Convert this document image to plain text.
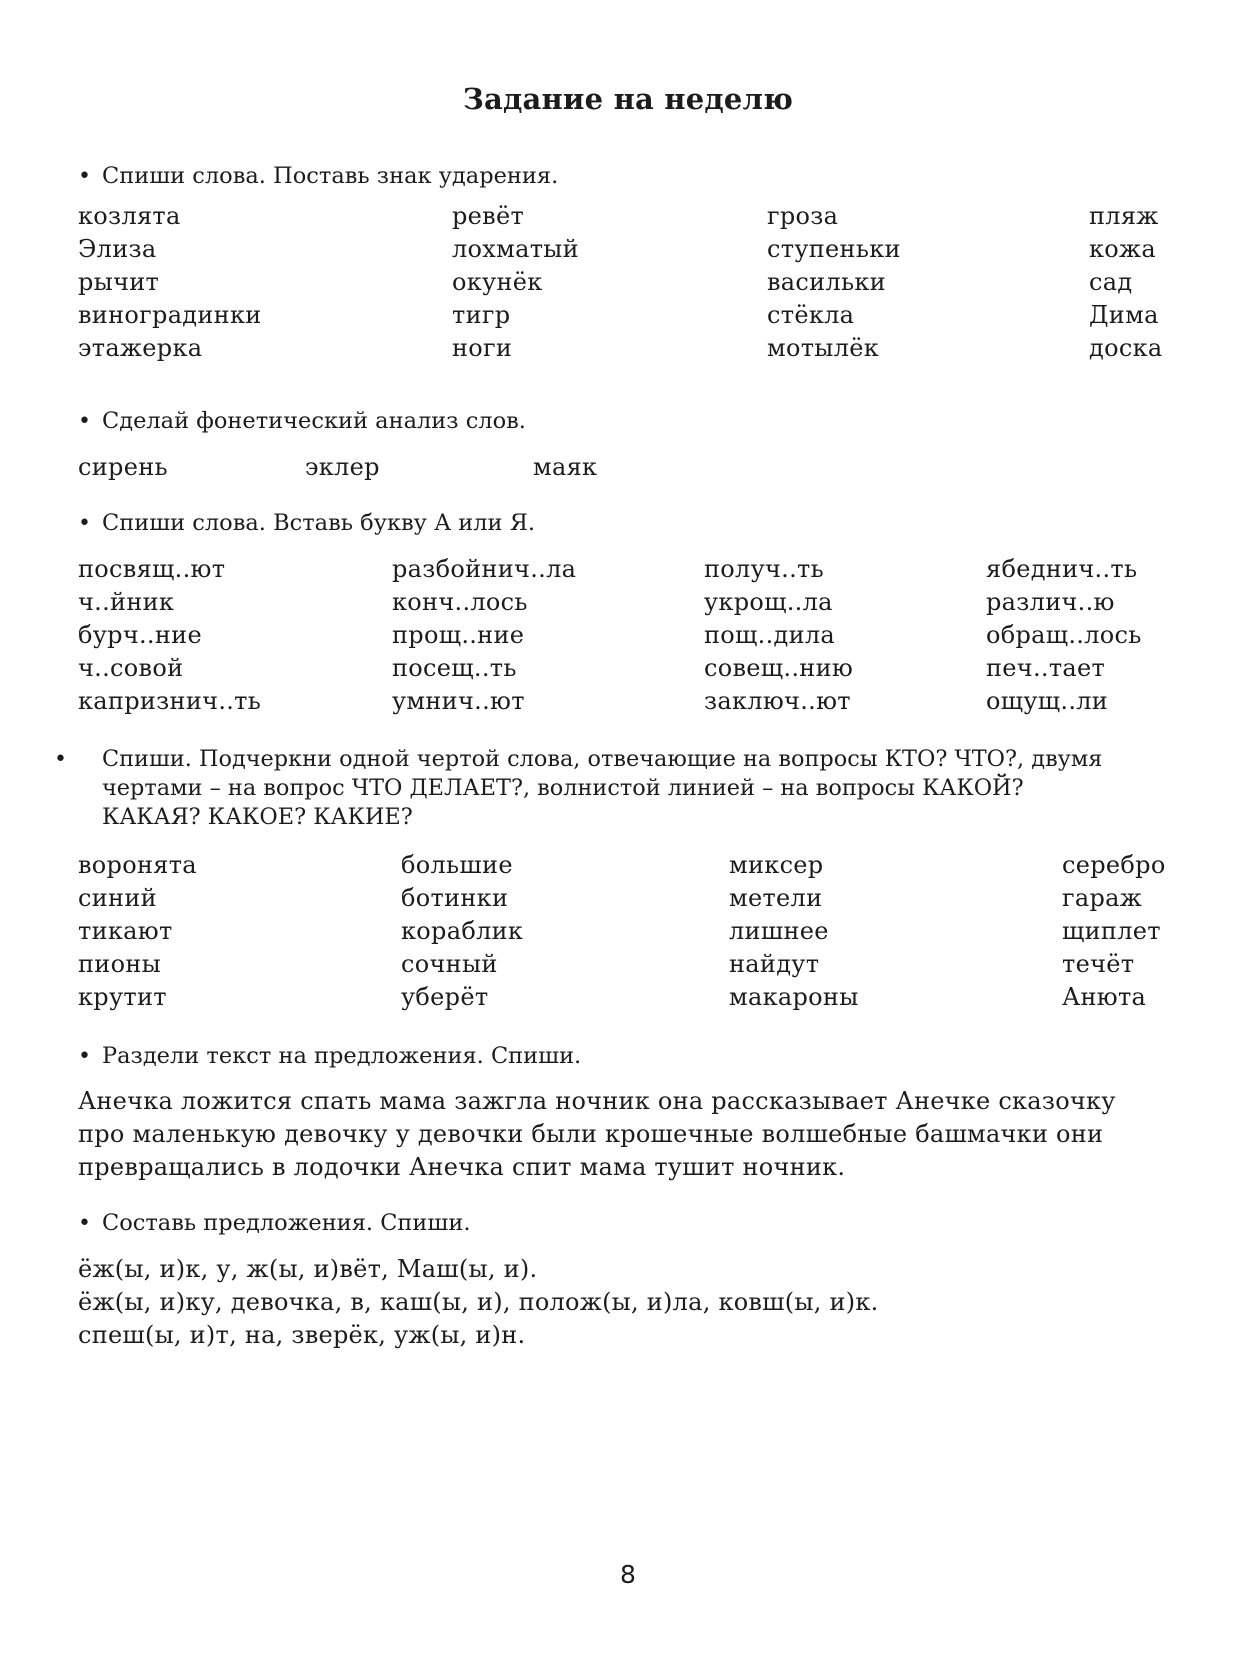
Задание на неделю
• Спиши слова. Поставь знак ударения.
козлята
Элиза
рычит
виноградинки
этажерка
ревёт
лохматый
окунёк
тигр
ноги
гроза
ступеньки
васильки
стёкла
мотылёк
пляж
кожа
сад
Дима
доска
• Сделай фонетический анализ слов.
сирень	эклер	маяк
• Спиши слова. Вставь букву А или Я.
посвящ..ют
ч..йник
бурч..ние
ч..совой
капризнич..ть
разбойнич..ла
конч..лось
прощ..ние
посещ..ть
умнич..ют
получ..ть
укрощ..ла
пощ..дила
совещ..нию
заключ..ют
ябеднич..ть
различ..ю
обращ..лось
печ..тает
ощущ..ли
• Спиши. Подчеркни одной чертой слова, отвечающие на вопросы КТО? ЧТО?, двумя
чертами – на вопрос ЧТО ДЕЛАЕТ?, волнистой линией – на вопросы КАКОЙ?
КАКАЯ? КАКОЕ? КАКИЕ?
воронята
синий
тикают
пионы
крутит
большие
ботинки
кораблик
сочный
уберёт
миксер
метели
лишнее
найдут
макароны
серебро
гараж
щиплет
течёт
Анюта
• Раздели текст на предложения. Спиши.
Анечка ложится спать мама зажгла ночник она рассказывает Анечке сказочку
про маленькую девочку у девочки были крошечные волшебные башмачки они
превращались в лодочки Анечка спит мама тушит ночник.
• Составь предложения. Спиши.
ёж(ы, и)к, у, ж(ы, и)вёт, Маш(ы, и).
ёж(ы, и)ку, девочка, в, каш(ы, и), полож(ы, и)ла, ковш(ы, и)к.
спеш(ы, и)т, на, зверёк, уж(ы, и)н.
8
